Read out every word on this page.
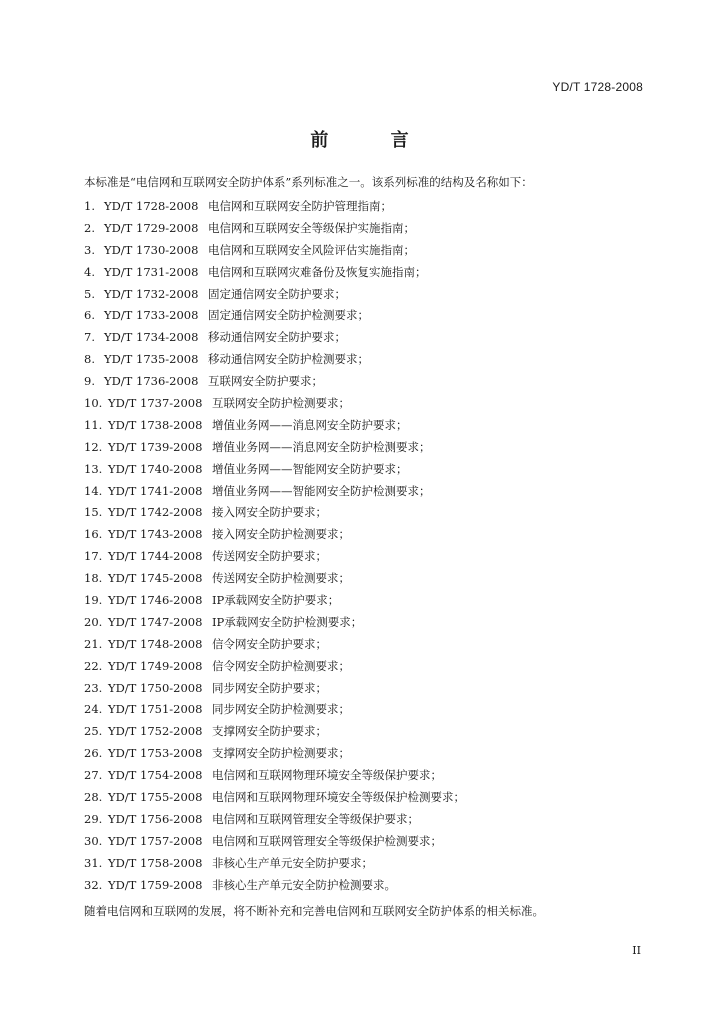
YD/T 1728-2008
前 言
本标准是“电信网和互联网安全防护体系”系列标准之一。该系列标准的结构及名称如下：
1. YD/T 1728-2008 电信网和互联网安全防护管理指南；
2. YD/T 1729-2008 电信网和互联网安全等级保护实施指南；
3. YD/T 1730-2008 电信网和互联网安全风险评估实施指南；
4. YD/T 1731-2008 电信网和互联网灾难备份及恢复实施指南；
5. YD/T 1732-2008 固定通信网安全防护要求；
6. YD/T 1733-2008 固定通信网安全防护检测要求；
7. YD/T 1734-2008 移动通信网安全防护要求；
8. YD/T 1735-2008 移动通信网安全防护检测要求；
9. YD/T 1736-2008 互联网安全防护要求；
10. YD/T 1737-2008 互联网安全防护检测要求；
11. YD/T 1738-2008 增值业务网——消息网安全防护要求；
12. YD/T 1739-2008 增值业务网——消息网安全防护检测要求；
13. YD/T 1740-2008 增值业务网——智能网安全防护要求；
14. YD/T 1741-2008 增值业务网——智能网安全防护检测要求；
15. YD/T 1742-2008 接入网安全防护要求；
16. YD/T 1743-2008 接入网安全防护检测要求；
17. YD/T 1744-2008 传送网安全防护要求；
18. YD/T 1745-2008 传送网安全防护检测要求；
19. YD/T 1746-2008 IP承载网安全防护要求；
20. YD/T 1747-2008 IP承载网安全防护检测要求；
21. YD/T 1748-2008 信令网安全防护要求；
22. YD/T 1749-2008 信令网安全防护检测要求；
23. YD/T 1750-2008 同步网安全防护要求；
24. YD/T 1751-2008 同步网安全防护检测要求；
25. YD/T 1752-2008 支撑网安全防护要求；
26. YD/T 1753-2008 支撑网安全防护检测要求；
27. YD/T 1754-2008 电信网和互联网物理环境安全等级保护要求；
28. YD/T 1755-2008 电信网和互联网物理环境安全等级保护检测要求；
29. YD/T 1756-2008 电信网和互联网管理安全等级保护要求；
30. YD/T 1757-2008 电信网和互联网管理安全等级保护检测要求；
31. YD/T 1758-2008 非核心生产单元安全防护要求；
32. YD/T 1759-2008 非核心生产单元安全防护检测要求。
随着电信网和互联网的发展，将不断补充和完善电信网和互联网安全防护体系的相关标准。
II
